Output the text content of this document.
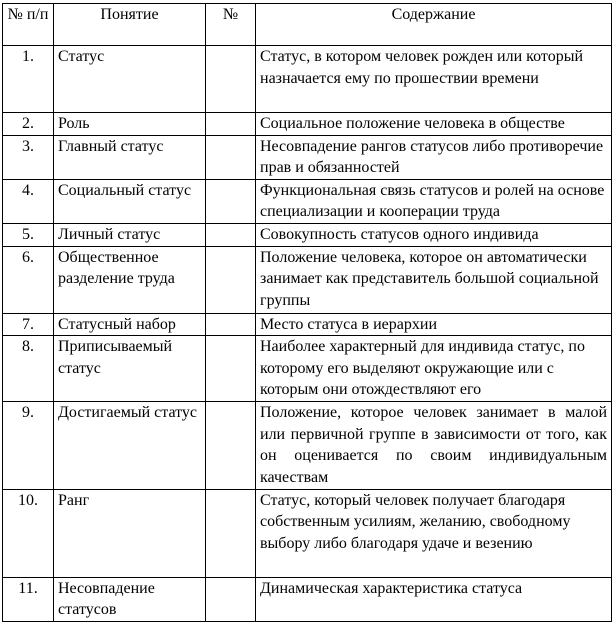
№ п/п	Понятие	№	Содержание
1.	Статус		Статус, в котором человек рожден или который назначается ему по прошествии времени
2.	Роль		Социальное положение человека в обществе
3.	Главный статус		Несовпадение рангов статусов либо противоречие прав и обязанностей
4.	Социальный статус		Функциональная связь статусов и ролей на основе специализации и кооперации труда
5.	Личный статус		Совокупность статусов одного индивида
6.	Общественное разделение труда		Положение человека, которое он автоматически занимает как представитель большой социальной группы
7.	Статусный набор		Место статуса в иерархии
8.	Приписываемый статус		Наиболее характерный для индивида статус, по которому его выделяют окружающие или с которым они отождествляют его
9.	Достигаемый статус		Положение, которое человек занимает в малой или первичной группе в зависимости от того, как он оценивается по своим индивидуальным качествам
10.	Ранг		Статус, который человек получает благодаря собственным усилиям, желанию, свободному выбору либо благодаря удаче и везению
11.	Несовпадение статусов		Динамическая характеристика статуса
